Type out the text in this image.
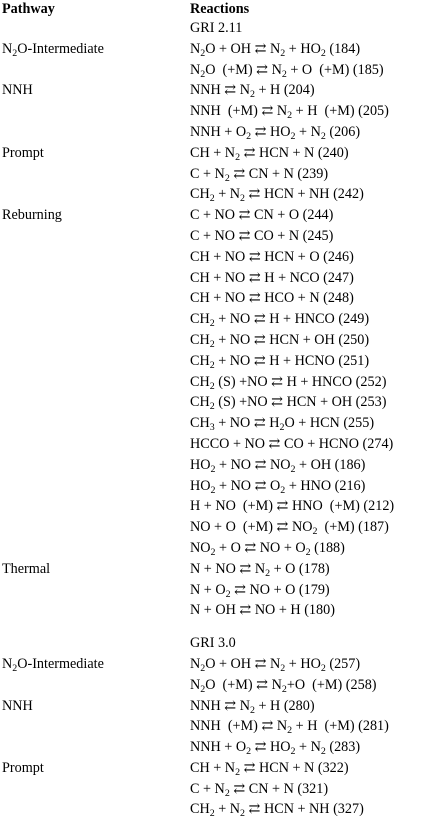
Pathway	Reactions
GRI 2.11
$N_2O$-Intermediate	$N_2O$ + OH ⇄ $N_2 + HO_2$ (184)
$N_2O$  (+M) ⇄ $N_2 + O$  (+M) (185)
NNH	NNH ⇄ $N_2 + H$ (204)
NNH  (+M) ⇄ $N_2 + H$  (+M) (205)
NNH + $O_2$ ⇄ $HO_2 + N_2$ (206)
Prompt	CH + $N_2$ ⇄ HCN + N (240)
$C + N_2$ ⇄ CN + N (239)
$CH_2 + N_2$ ⇄ HCN + NH (242)
Reburning	C + NO ⇄ CN + O (244)
C + NO ⇄ CO + N (245)
CH + NO ⇄ HCN + O (246)
CH + NO ⇄ H + NCO (247)
CH + NO ⇄ HCO + N (248)
$CH_2$ + NO ⇄ H + HNCO (249)
$CH_2$ + NO ⇄ HCN + OH (250)
$CH_2$ + NO ⇄ H + HCNO (251)
$CH_2$ (S) +NO ⇄ H + HNCO (252)
$CH_2$ (S) +NO ⇄ HCN + OH (253)
$CH_3$ + NO ⇄ $H_2O$ + HCN (255)
HCCO + NO ⇄ CO + HCNO (274)
$HO_2$ + NO ⇄ $NO_2$ + OH (186)
$HO_2$ + NO ⇄ $O_2$ + HNO (216)
H + NO  (+M) ⇄ HNO  (+M) (212)
NO + O  (+M) ⇄ $NO_2$  (+M) (187)
$NO_2 + O$ ⇄ NO + $O_2$ (188)
Thermal	N + NO ⇄ $N_2 + O$ (178)
$N + O_2$ ⇄ NO + O (179)
N + OH ⇄ NO + H (180)
GRI 3.0
$N_2O$-Intermediate	$N_2O$ + OH ⇄ $N_2 + HO_2$ (257)
$N_2O$  (+M) ⇄ $N_2+O$  (+M) (258)
NNH	NNH ⇄ $N_2 + H$ (280)
NNH  (+M) ⇄ $N_2 + H$  (+M) (281)
NNH + $O_2$ ⇄ $HO_2 + N_2$ (283)
Prompt	CH + $N_2$ ⇄ HCN + N (322)
$C + N_2$ ⇄ CN + N (321)
$CH_2 + N_2$ ⇄ HCN + NH (327)
